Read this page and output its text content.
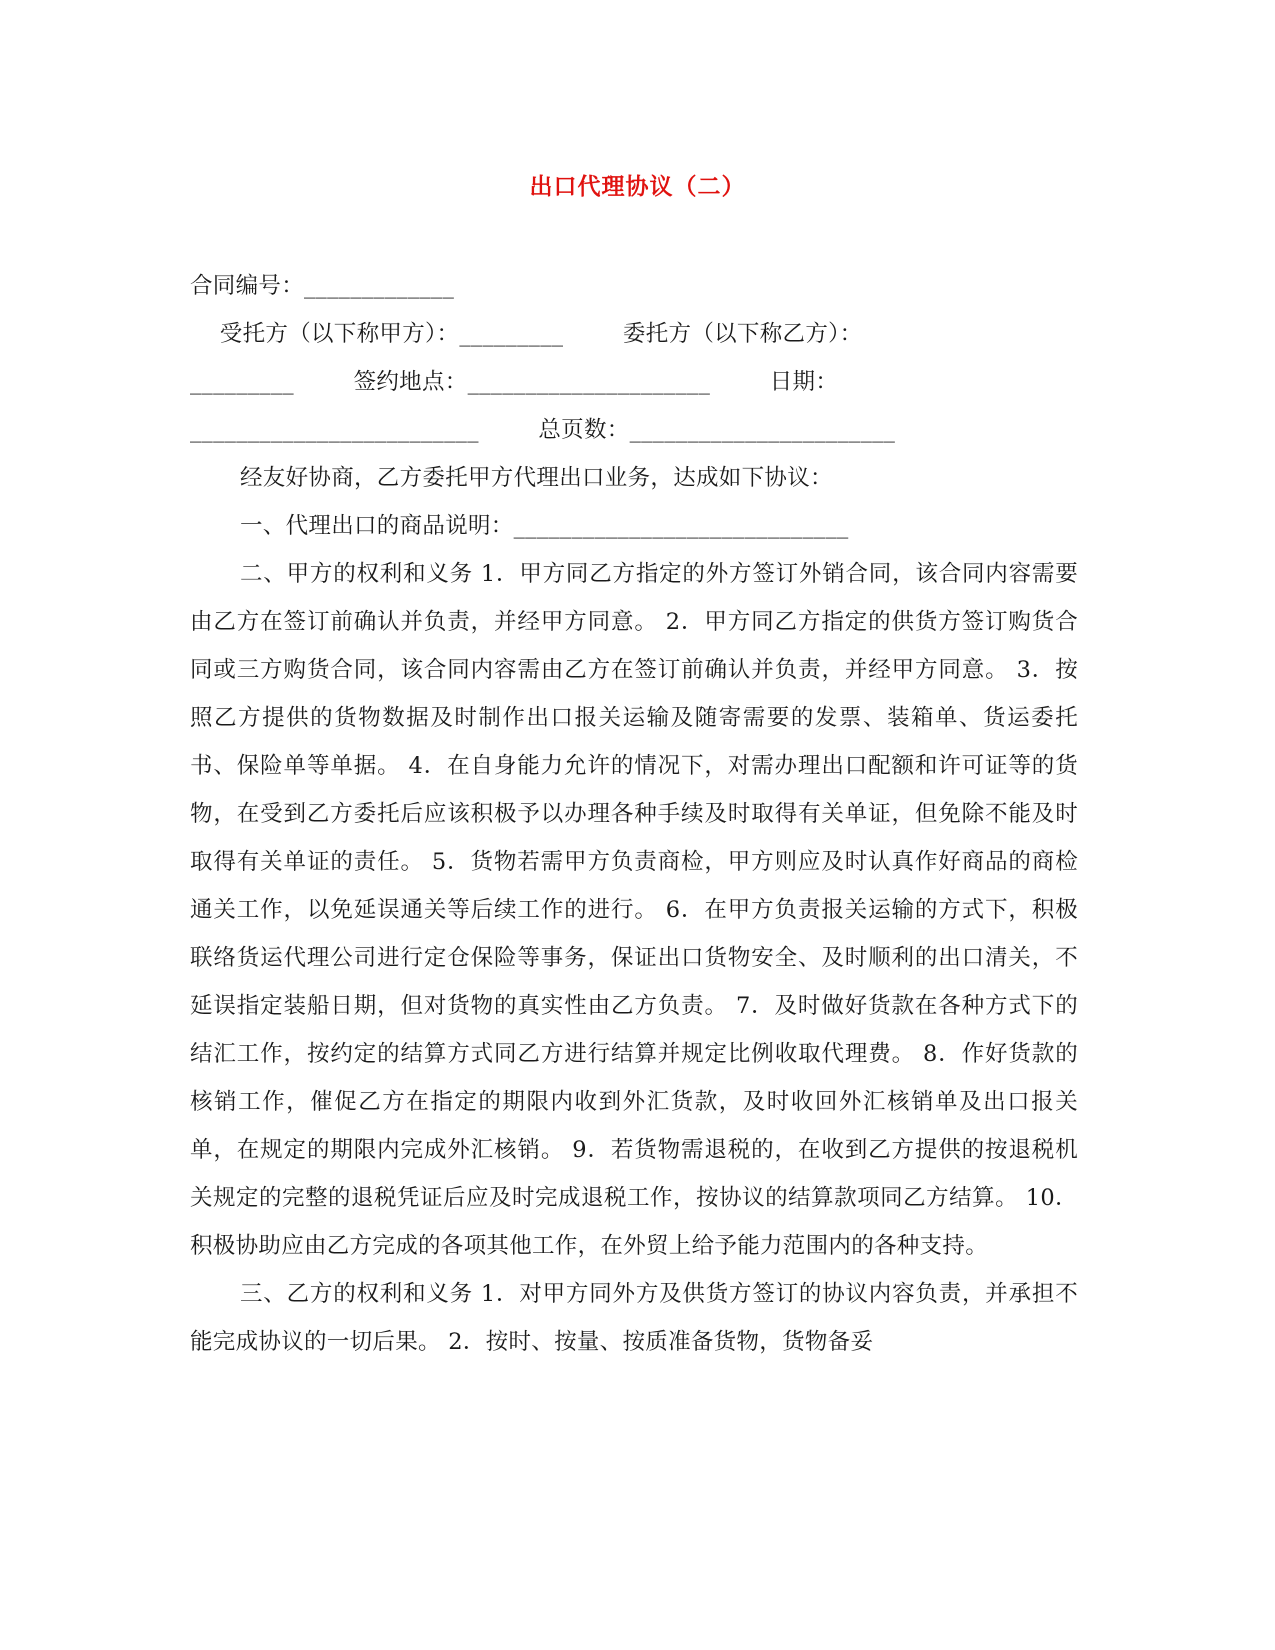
出口代理协议（二）
合同编号：_____________
受托方（以下称甲方）：_________        委托方（以下称乙方）：
_________        签约地点：_____________________        日期：
_________________________        总页数：_______________________
经友好协商，乙方委托甲方代理出口业务，达成如下协议：
一、代理出口的商品说明：_____________________________
二、甲方的权利和义务 1．甲方同乙方指定的外方签订外销合同，该合同内容需要由乙方在签订前确认并负责，并经甲方同意。 2．甲方同乙方指定的供货方签订购货合同或三方购货合同，该合同内容需由乙方在签订前确认并负责，并经甲方同意。 3．按照乙方提供的货物数据及时制作出口报关运输及随寄需要的发票、装箱单、货运委托书、保险单等单据。 4．在自身能力允许的情况下，对需办理出口配额和许可证等的货物，在受到乙方委托后应该积极予以办理各种手续及时取得有关单证，但免除不能及时取得有关单证的责任。 5．货物若需甲方负责商检，甲方则应及时认真作好商品的商检通关工作，以免延误通关等后续工作的进行。 6．在甲方负责报关运输的方式下，积极联络货运代理公司进行定仓保险等事务，保证出口货物安全、及时顺利的出口清关，不延误指定装船日期，但对货物的真实性由乙方负责。 7．及时做好货款在各种方式下的结汇工作，按约定的结算方式同乙方进行结算并规定比例收取代理费。 8．作好货款的核销工作，催促乙方在指定的期限内收到外汇货款，及时收回外汇核销单及出口报关单，在规定的期限内完成外汇核销。 9．若货物需退税的，在收到乙方提供的按退税机关规定的完整的退税凭证后应及时完成退税工作，按协议的结算款项同乙方结算。 10．积极协助应由乙方完成的各项其他工作，在外贸上给予能力范围内的各种支持。
三、乙方的权利和义务 1．对甲方同外方及供货方签订的协议内容负责，并承担不能完成协议的一切后果。 2．按时、按量、按质准备货物，货物备妥
